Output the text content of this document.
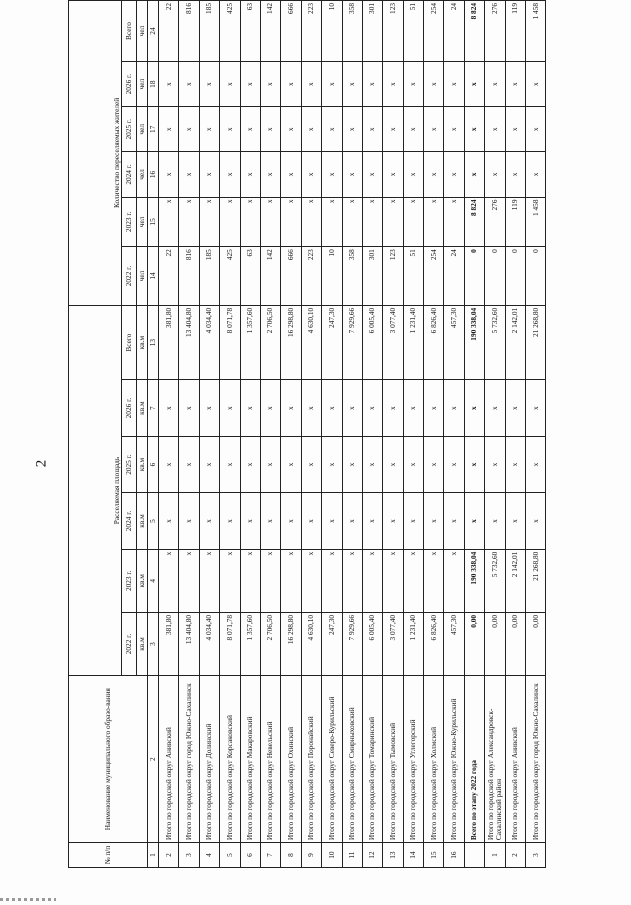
2
№ п/п	Наименование муниципального образо-вания	Расселяемая площадь						Количество переселяемых жителей					
		2022 г.	2023 г.	2024 г.	2025 г.	2026 г.	Всего	2022 г.	2023 г.	2024 г.	2025 г.	2026 г.	Всего
		кв.м	кв.м	кв.м	кв.м	кв.м	кв.м	чел	чел	чел	чел	чел	чел
1	2	3	4	5	6	7	13	14	15	16	17	18	24
2	Итого по городской округ Анивский	381,80	x	x	x	x	381,80	22	x	x	x	x	22
3	Итого по городской округ город Южно-Сахалинск	13 404,80	x	x	x	x	13 404,80	816	x	x	x	x	816
4	Итого по городской округ Долинский	4 034,40	x	x	x	x	4 034,40	185	x	x	x	x	185
5	Итого по городской округ Корсаковский	8 071,78	x	x	x	x	8 071,78	425	x	x	x	x	425
6	Итого по городской округ Макаровский	1 357,60	x	x	x	x	1 357,60	63	x	x	x	x	63
7	Итого по городской округ Невельский	2 706,50	x	x	x	x	2 706,50	142	x	x	x	x	142
8	Итого по городской округ Охинский	16 298,80	x	x	x	x	16 298,80	666	x	x	x	x	666
9	Итого по городской округ Поронайский	4 630,10	x	x	x	x	4 630,10	223	x	x	x	x	223
10	Итого по городской округ Северо-Курильский	247,30	x	x	x	x	247,30	10	x	x	x	x	10
11	Итого по городской округ Смирныховский	7 929,66	x	x	x	x	7 929,66	358	x	x	x	x	358
12	Итого по городской округ Томаринский	6 005,40	x	x	x	x	6 005,40	301	x	x	x	x	301
13	Итого по городской округ Тымовский	3 077,40	x	x	x	x	3 077,40	123	x	x	x	x	123
14	Итого по городской округ Углегорский	1 231,40	x	x	x	x	1 231,40	51	x	x	x	x	51
15	Итого по городской округ Холмский	6 826,40	x	x	x	x	6 826,40	254	x	x	x	x	254
16	Итого по городской округ Южно-Курильский	457,30	x	x	x	x	457,30	24	x	x	x	x	24
	Всего по этапу 2022 года	0,00	190 338,04	x	x	x	190 338,04	0	8 824	x	x	x	8 824
1	Итого по городской округ Александровск-Сахалинский район	0,00	5 732,60	x	x	x	5 732,60	0	276	x	x	x	276
2	Итого по городской округ Анивский	0,00	2 142,01	x	x	x	2 142,01	0	119	x	x	x	119
3	Итого по городской округ город Южно-Сахалинск	0,00	21 268,80	x	x	x	21 268,80	0	1 458	x	x	x	1 458
